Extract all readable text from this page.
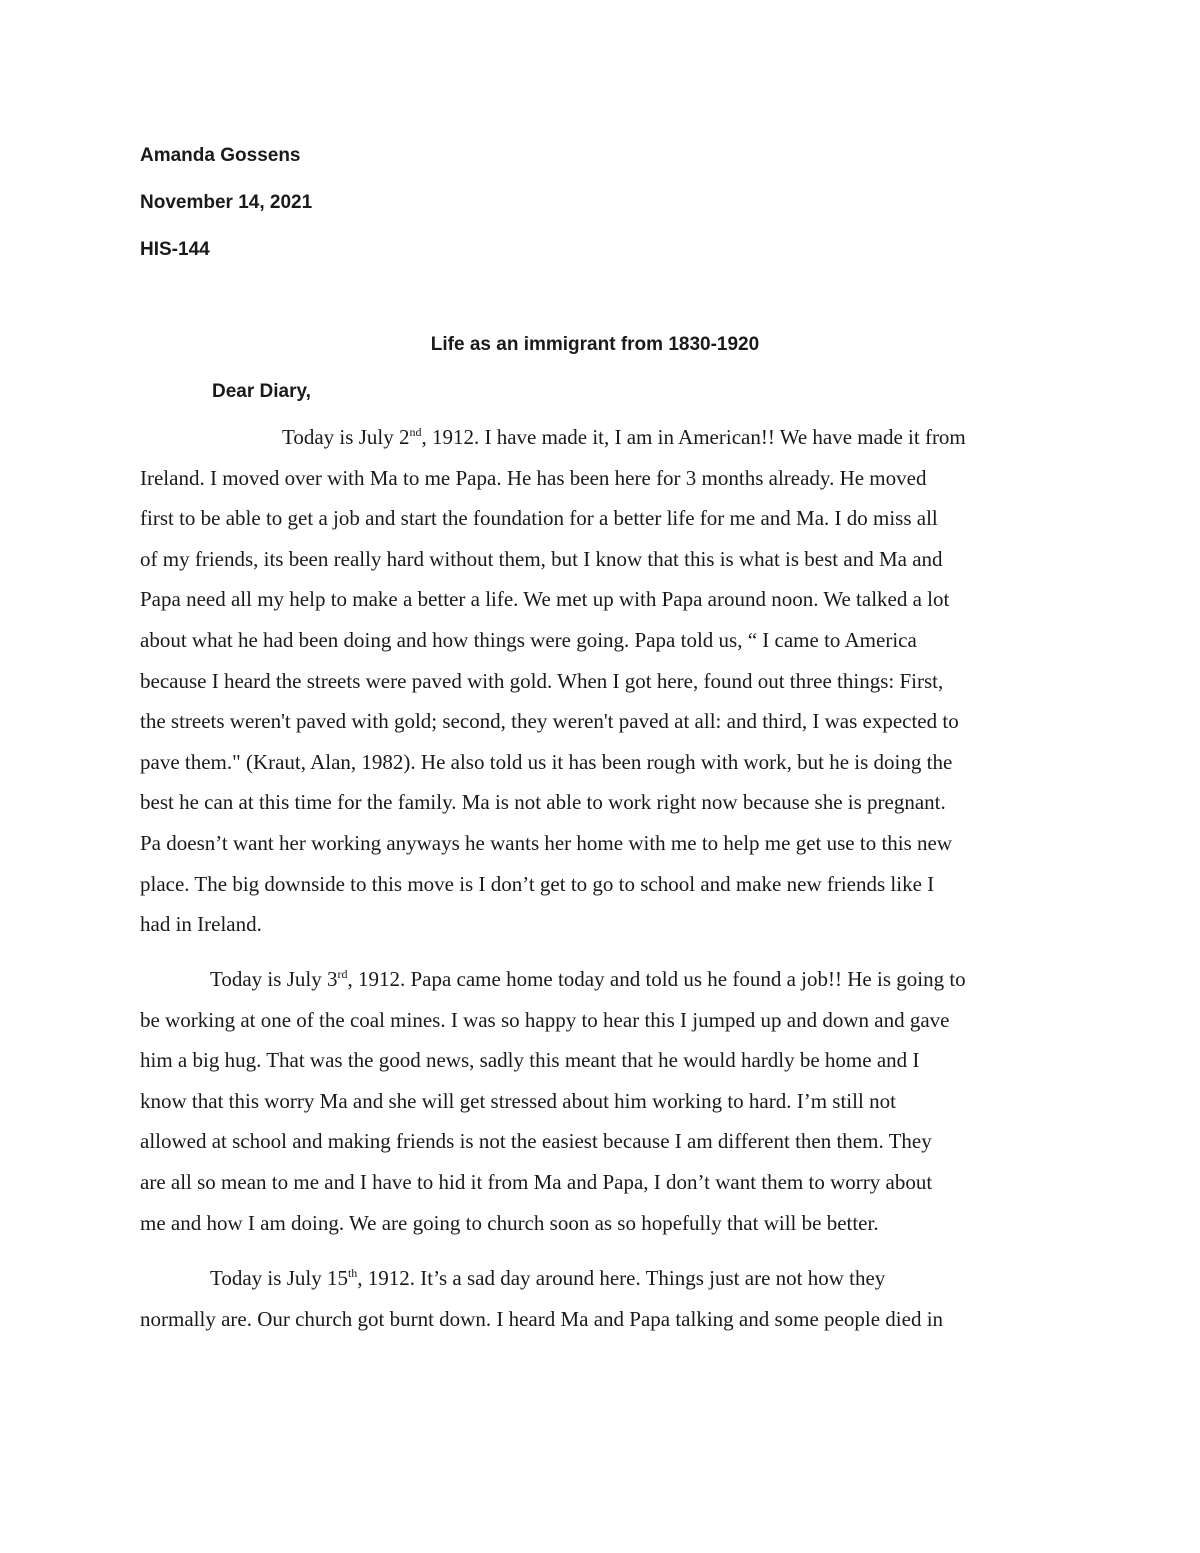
Amanda Gossens
November 14, 2021
HIS-144
Life as an immigrant from 1830-1920
Dear Diary,
Today is July 2nd, 1912. I have made it, I am in American!! We have made it from
Ireland. I moved over with Ma to me Papa. He has been here for 3 months already. He moved
first to be able to get a job and start the foundation for a better life for me and Ma. I do miss all
of my friends, its been really hard without them, but I know that this is what is best and Ma and
Papa need all my help to make a better a life. We met up with Papa around noon. We talked a lot
about what he had been doing and how things were going. Papa told us, “ I came to America
because I heard the streets were paved with gold. When I got here, found out three things: First,
the streets weren't paved with gold; second, they weren't paved at all: and third, I was expected to
pave them." (Kraut, Alan, 1982). He also told us it has been rough with work, but he is doing the
best he can at this time for the family. Ma is not able to work right now because she is pregnant.
Pa doesn’t want her working anyways he wants her home with me to help me get use to this new
place. The big downside to this move is I don’t get to go to school and make new friends like I
had in Ireland.
Today is July 3rd, 1912. Papa came home today and told us he found a job!! He is going to
be working at one of the coal mines. I was so happy to hear this I jumped up and down and gave
him a big hug. That was the good news, sadly this meant that he would hardly be home and I
know that this worry Ma and she will get stressed about him working to hard. I’m still not
allowed at school and making friends is not the easiest because I am different then them. They
are all so mean to me and I have to hid it from Ma and Papa, I don’t want them to worry about
me and how I am doing. We are going to church soon as so hopefully that will be better.
Today is July 15th, 1912. It’s a sad day around here. Things just are not how they
normally are. Our church got burnt down. I heard Ma and Papa talking and some people died in
